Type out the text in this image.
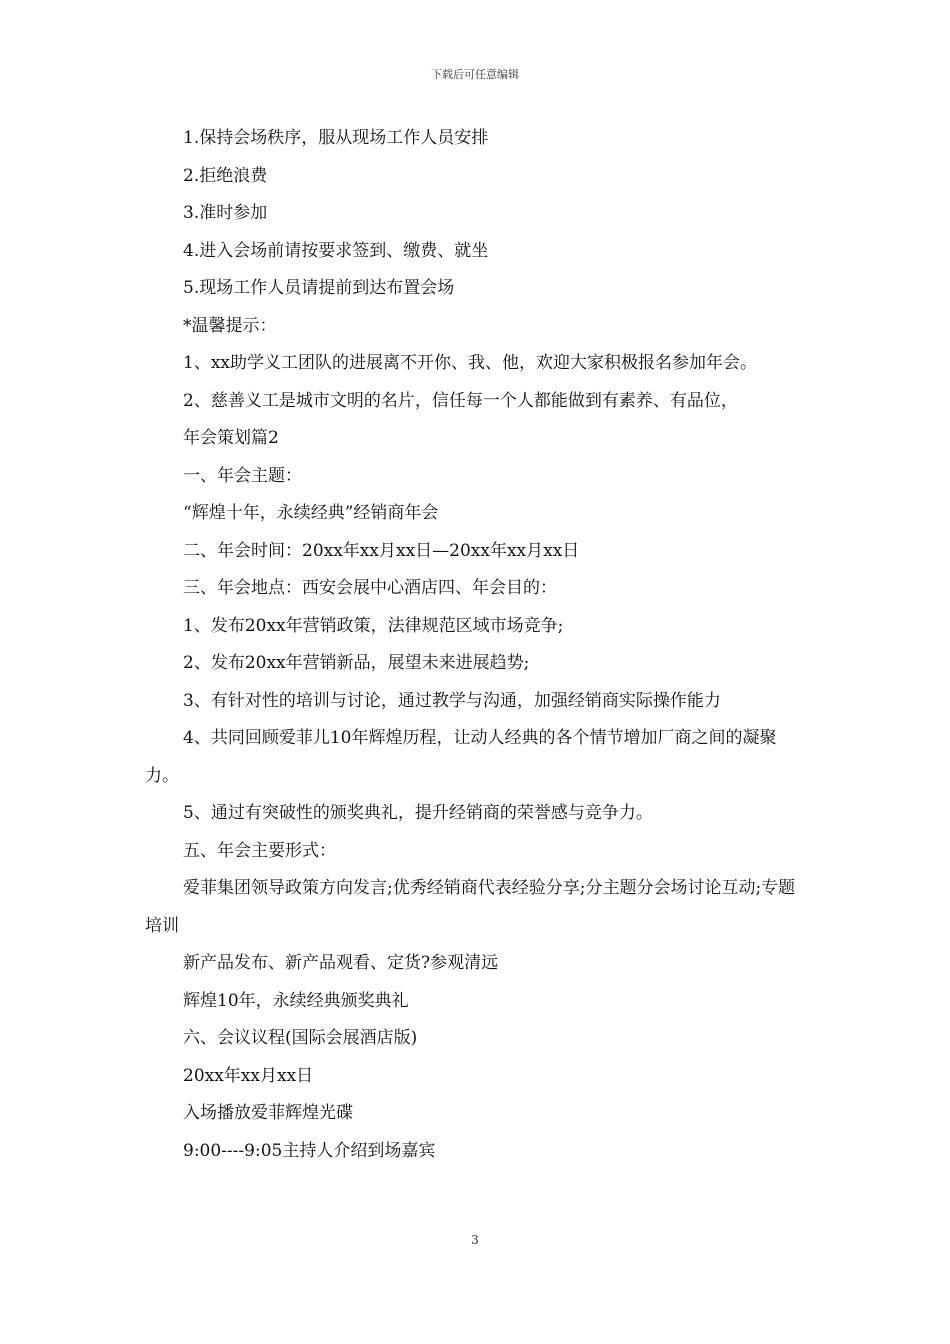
下载后可任意编辑

1.保持会场秩序，服从现场工作人员安排

2.拒绝浪费

3.准时参加

4.进入会场前请按要求签到、缴费、就坐

5.现场工作人员请提前到达布置会场

*温馨提示：

1、xx助学义工团队的进展离不开你、我、他，欢迎大家积极报名参加年会。

2、慈善义工是城市文明的名片，信任每一个人都能做到有素养、有品位，

年会策划篇2

一、年会主题：

“辉煌十年，永续经典”经销商年会

二、年会时间：20xx年xx月xx日—20xx年xx月xx日

三、年会地点：西安会展中心酒店四、年会目的：

1、发布20xx年营销政策，法律规范区域市场竞争;

2、发布20xx年营销新品，展望未来进展趋势;

3、有针对性的培训与讨论，通过教学与沟通，加强经销商实际操作能力

4、共同回顾爱菲儿10年辉煌历程，让动人经典的各个情节增加厂商之间的凝聚力。

5、通过有突破性的颁奖典礼，提升经销商的荣誉感与竞争力。

五、年会主要形式：

爱菲集团领导政策方向发言;优秀经销商代表经验分享;分主题分会场讨论互动;专题培训

新产品发布、新产品观看、定货?参观清远

辉煌10年，永续经典颁奖典礼

六、会议议程(国际会展酒店版)

20xx年xx月xx日

入场播放爱菲辉煌光碟

9:00----9:05主持人介绍到场嘉宾

3
